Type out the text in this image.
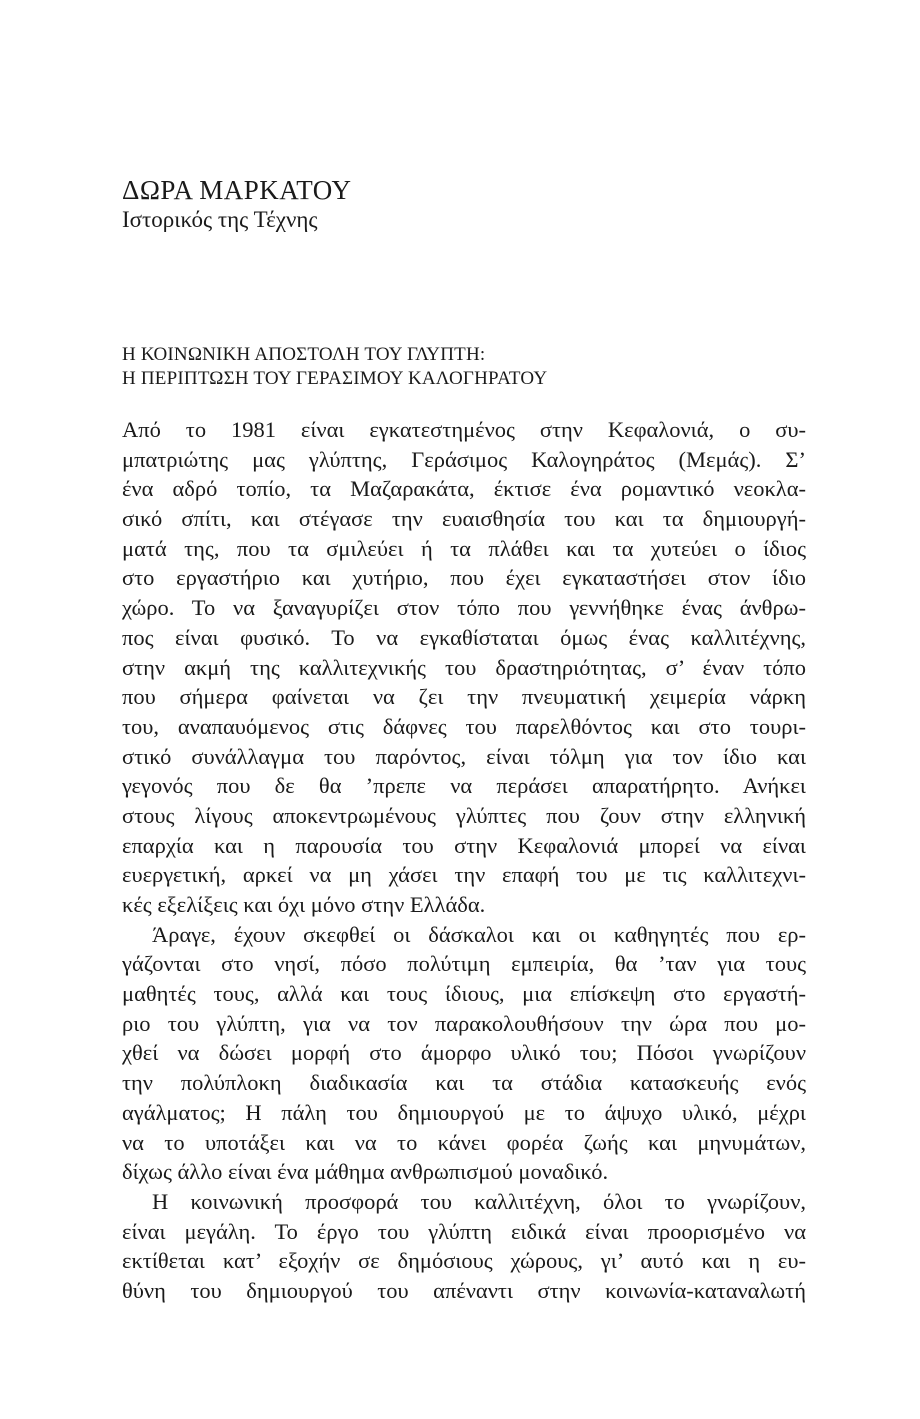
ΔΩΡΑ ΜΑΡΚΑΤΟΥ
Ιστορικός της Τέχνης
Η ΚΟΙΝΩΝΙΚΗ ΑΠΟΣΤΟΛΗ ΤΟΥ ΓΛΥΠΤΗ:
Η ΠΕΡΙΠΤΩΣΗ ΤΟΥ ΓΕΡΑΣΙΜΟΥ ΚΑΛΟΓΗΡΑΤΟΥ
Από το 1981 είναι εγκατεστημένος στην Κεφαλονιά, ο συ-
μπατριώτης μας γλύπτης, Γεράσιμος Καλογηράτος (Μεμάς). Σ’
ένα αδρό τοπίο, τα Μαζαρακάτα, έκτισε ένα ρομαντικό νεοκλα-
σικό σπίτι, και στέγασε την ευαισθησία του και τα δημιουργή-
ματά της, που τα σμιλεύει ή τα πλάθει και τα χυτεύει ο ίδιος
στο εργαστήριο και χυτήριο, που έχει εγκαταστήσει στον ίδιο
χώρο. Το να ξαναγυρίζει στον τόπο που γεννήθηκε ένας άνθρω-
πος είναι φυσικό. Το να εγκαθίσταται όμως ένας καλλιτέχνης,
στην ακμή της καλλιτεχνικής του δραστηριότητας, σ’ έναν τόπο
που σήμερα φαίνεται να ζει την πνευματική χειμερία νάρκη
του, αναπαυόμενος στις δάφνες του παρελθόντος και στο τουρι-
στικό συνάλλαγμα του παρόντος, είναι τόλμη για τον ίδιο και
γεγονός που δε θα ’πρεπε να περάσει απαρατήρητο. Ανήκει
στους λίγους αποκεντρωμένους γλύπτες που ζουν στην ελληνική
επαρχία και η παρουσία του στην Κεφαλονιά μπορεί να είναι
ευεργετική, αρκεί να μη χάσει την επαφή του με τις καλλιτεχνι-
κές εξελίξεις και όχι μόνο στην Ελλάδα.
Άραγε, έχουν σκεφθεί οι δάσκαλοι και οι καθηγητές που ερ-
γάζονται στο νησί, πόσο πολύτιμη εμπειρία, θα ’ταν για τους
μαθητές τους, αλλά και τους ίδιους, μια επίσκεψη στο εργαστή-
ριο του γλύπτη, για να τον παρακολουθήσουν την ώρα που μο-
χθεί να δώσει μορφή στο άμορφο υλικό του; Πόσοι γνωρίζουν
την πολύπλοκη διαδικασία και τα στάδια κατασκευής ενός
αγάλματος; Η πάλη του δημιουργού με το άψυχο υλικό, μέχρι
να το υποτάξει και να το κάνει φορέα ζωής και μηνυμάτων,
δίχως άλλο είναι ένα μάθημα ανθρωπισμού μοναδικό.
Η κοινωνική προσφορά του καλλιτέχνη, όλοι το γνωρίζουν,
είναι μεγάλη. Το έργο του γλύπτη ειδικά είναι προορισμένο να
εκτίθεται κατ’ εξοχήν σε δημόσιους χώρους, γι’ αυτό και η ευ-
θύνη του δημιουργού του απέναντι στην κοινωνία-καταναλωτή
